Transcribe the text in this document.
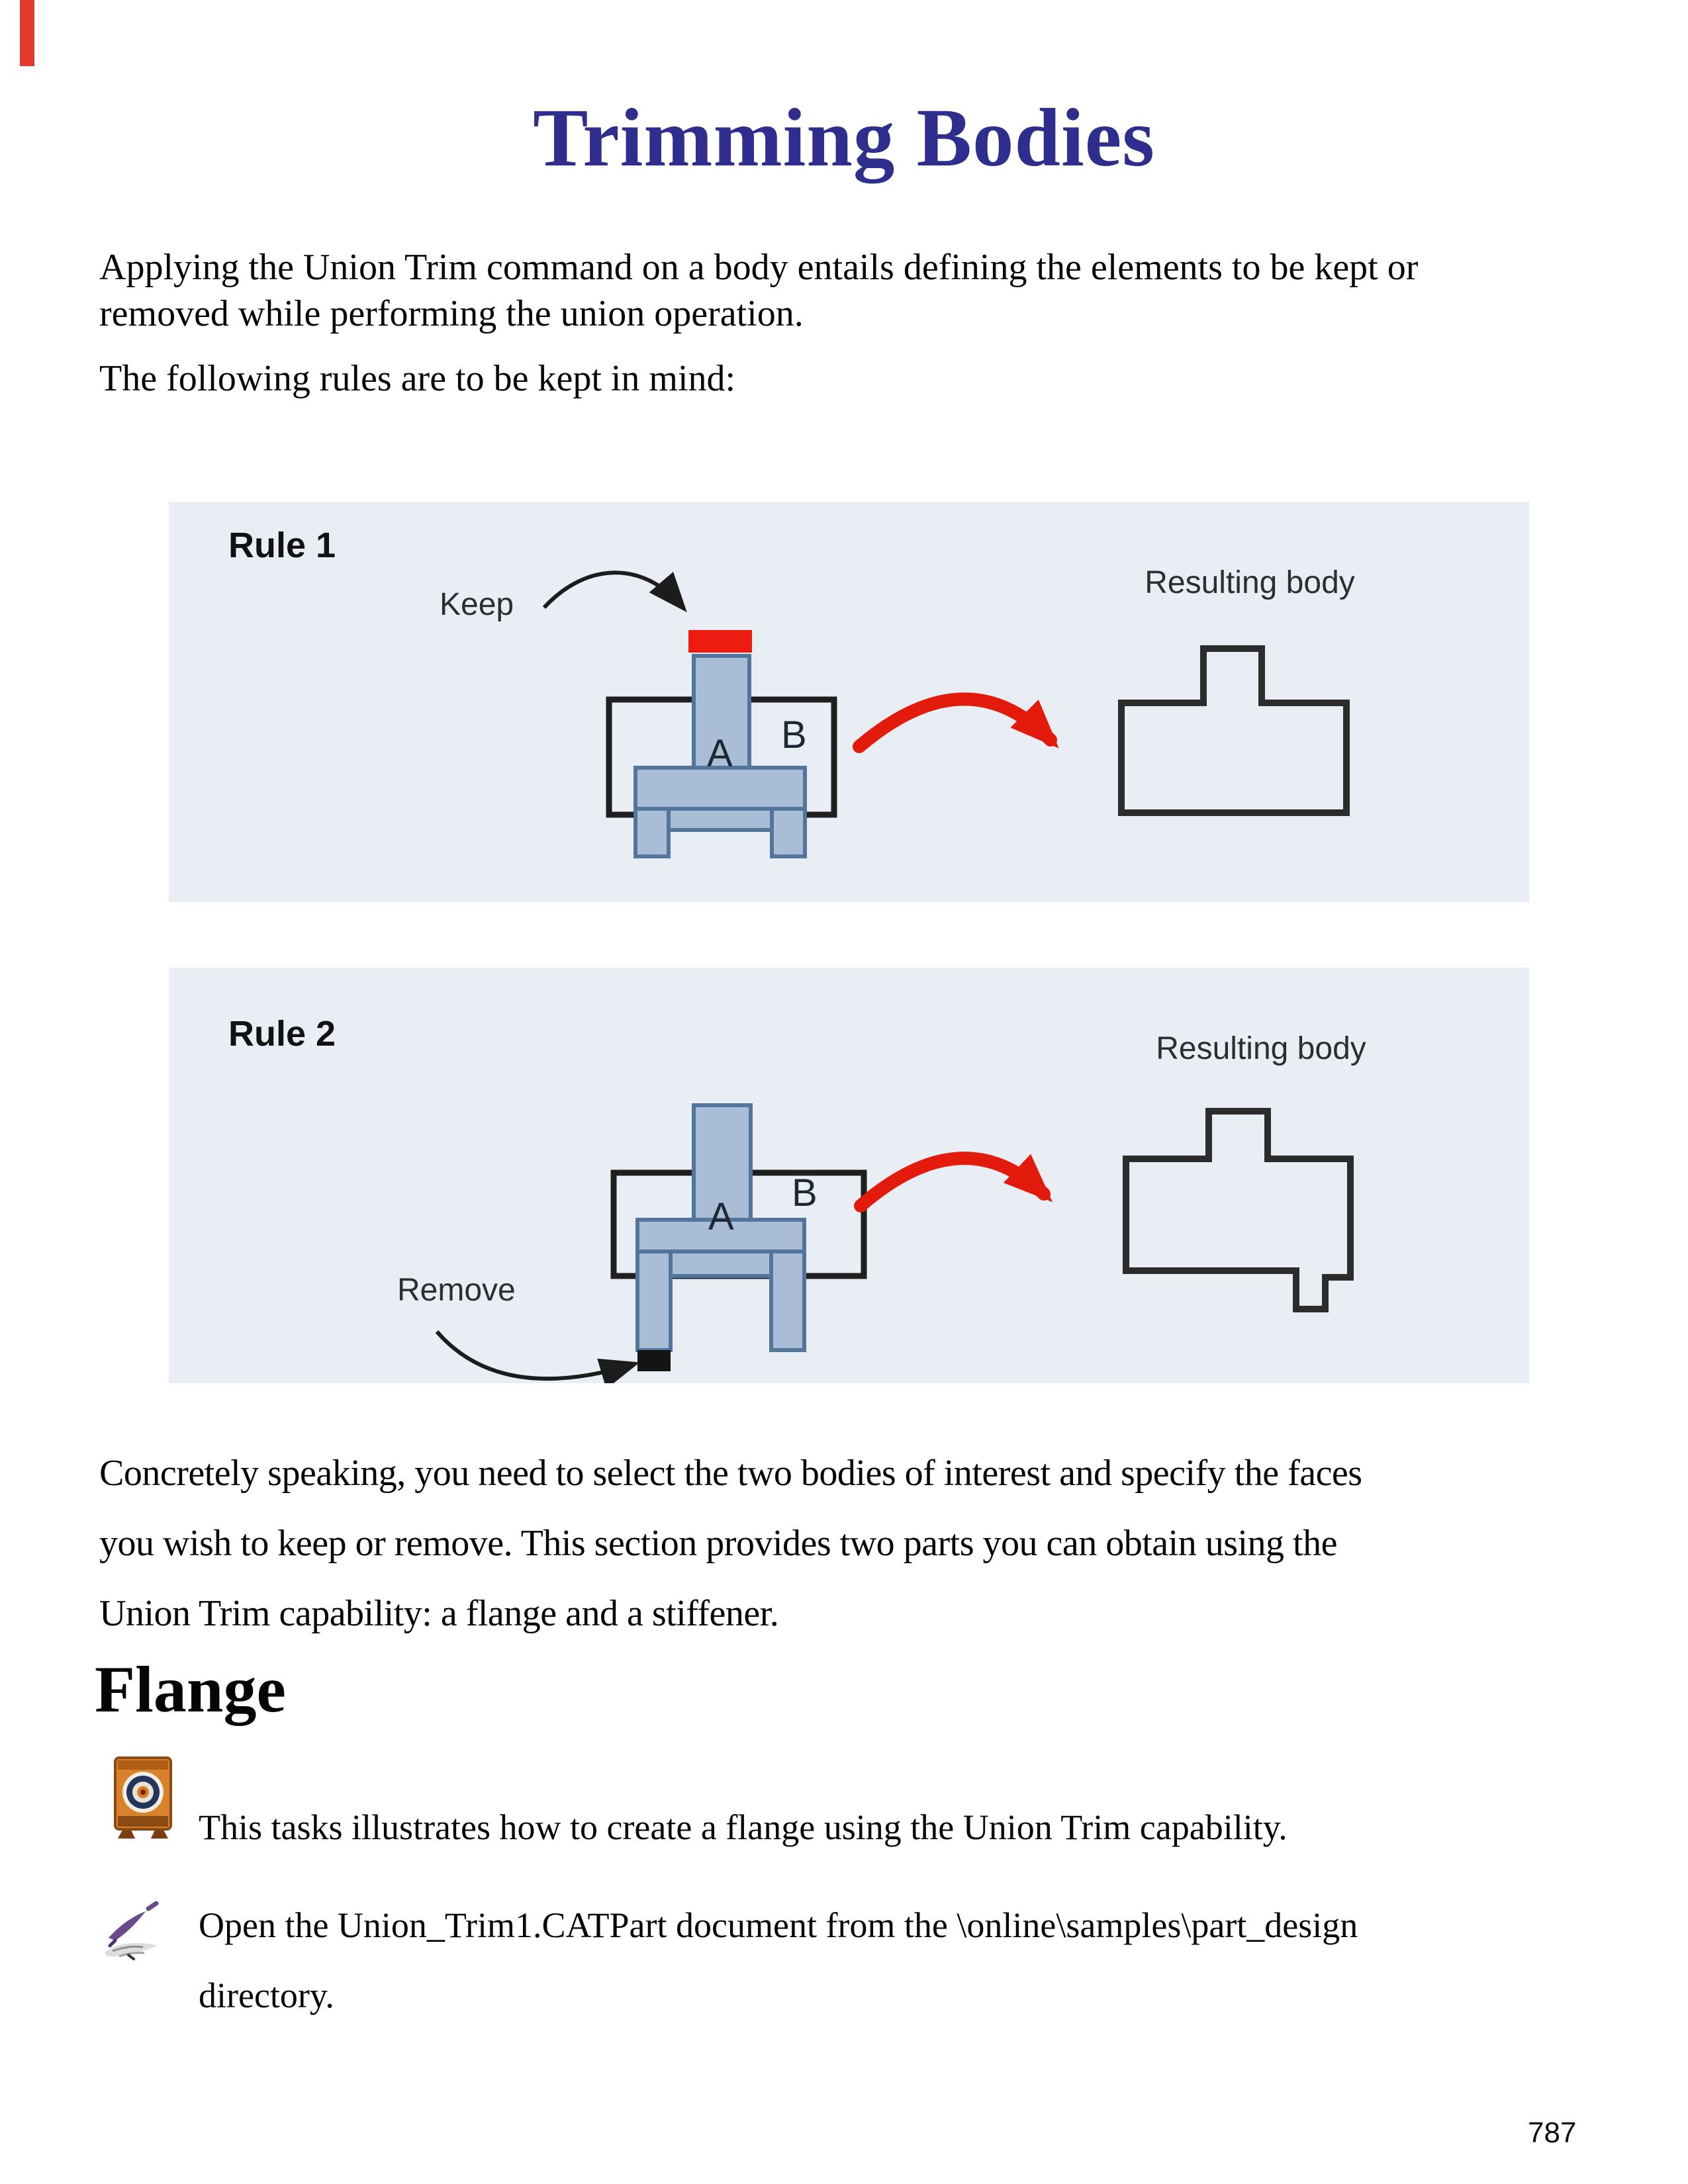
Trimming Bodies
Applying the Union Trim command on a body entails defining the elements to be kept or
removed while performing the union operation.
The following rules are to be kept in mind:
Rule 1
Keep
Resulting body
A B
Rule 2	Resulting body
A
B
Remove
Concretely speaking, you need to select the two bodies of interest and specify the faces
you wish to keep or remove. This section provides two parts you can obtain using the
Union Trim capability: a flange and a stiffener.
Flange
This tasks illustrates how to create a flange using the Union Trim capability.
Open the Union_Trim1.CATPart document from the \online\samples\part_design
directory.
787
